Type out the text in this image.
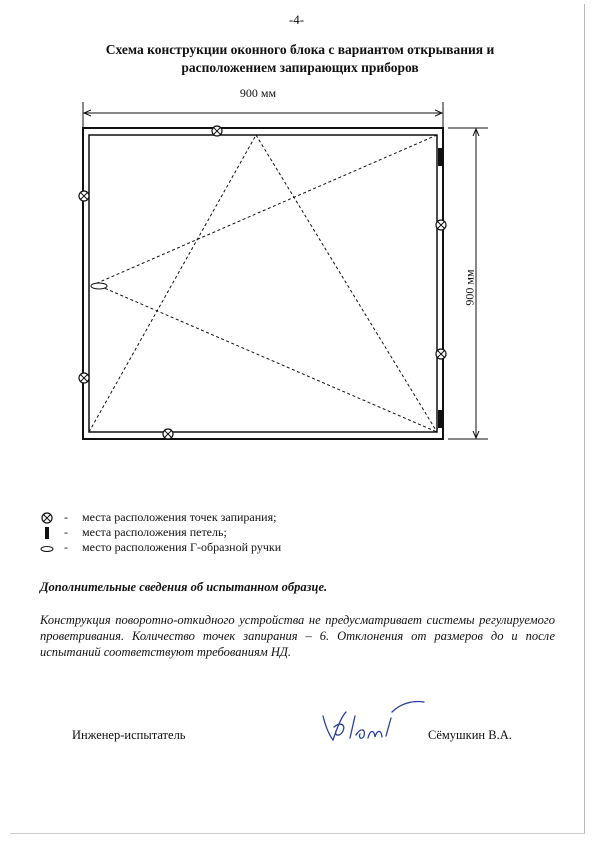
-4-
Схема конструкции оконного блока с вариантом открывания и
расположением запирающих приборов
900 мм
900 мм
- места расположения точек запирания;
- места расположения петель;
- место расположения Г-образной ручки
Дополнительные сведения об испытанном образце.
Конструкция поворотно-откидного устройства не предусматривает системы регулируемого проветривания. Количество точек запирания – 6. Отклонения от размеров до и после испытаний соответствуют требованиям НД.
Инженер-испытатель	Сёмушкин В.А.
